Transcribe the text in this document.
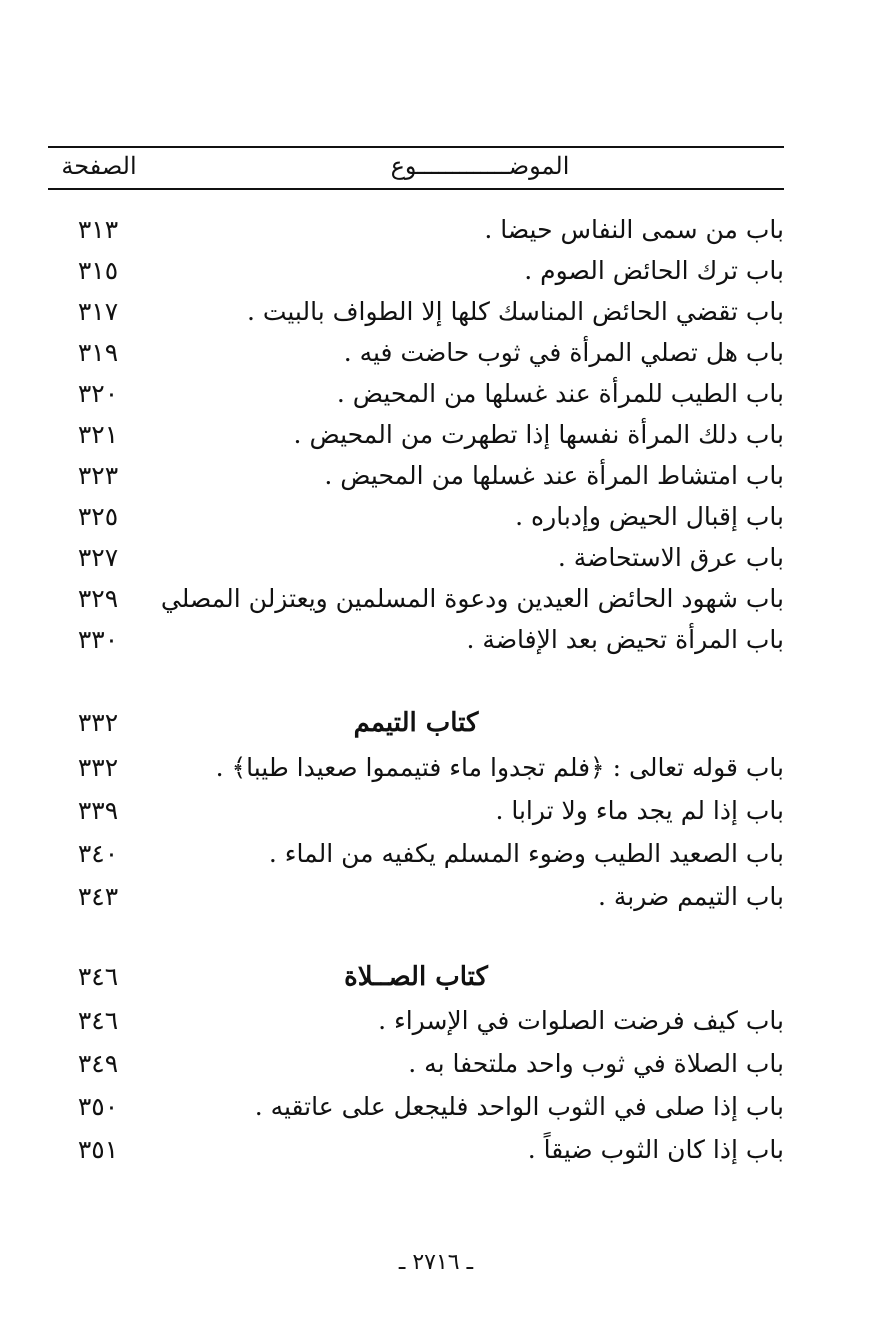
الموضـــــــــــــوع
الصفحة
باب من سمى النفاس حيضا .
٣١٣
باب ترك الحائض الصوم .
٣١٥
باب تقضي الحائض المناسك كلها إلا الطواف بالبيت .
٣١٧
باب هل تصلي المرأة في ثوب حاضت فيه .
٣١٩
باب الطيب للمرأة عند غسلها من المحيض .
٣٢٠
باب دلك المرأة نفسها إذا تطهرت من المحيض .
٣٢١
باب امتشاط المرأة عند غسلها من المحيض .
٣٢٣
باب إقبال الحيض وإدباره .
٣٢٥
باب عرق الاستحاضة .
٣٢٧
باب شهود الحائض العيدين ودعوة المسلمين ويعتزلن المصلي
٣٢٩
باب المرأة تحيض بعد الإفاضة .
٣٣٠
كتاب التيمم
٣٣٢
باب قوله تعالى : ﴿فلم تجدوا ماء فتيمموا صعيدا طيبا﴾ .
٣٣٢
باب إذا لم يجد ماء ولا ترابا .
٣٣٩
باب الصعيد الطيب وضوء المسلم يكفيه من الماء .
٣٤٠
باب التيمم ضربة .
٣٤٣
كتاب الصــلاة
٣٤٦
باب كيف فرضت الصلوات في الإسراء .
٣٤٦
باب الصلاة في ثوب واحد ملتحفا به .
٣٤٩
باب إذا صلى في الثوب الواحد فليجعل على عاتقيه .
٣٥٠
باب إذا كان الثوب ضيقاً .
٣٥١
ـ ٢٧١٦ ـ
